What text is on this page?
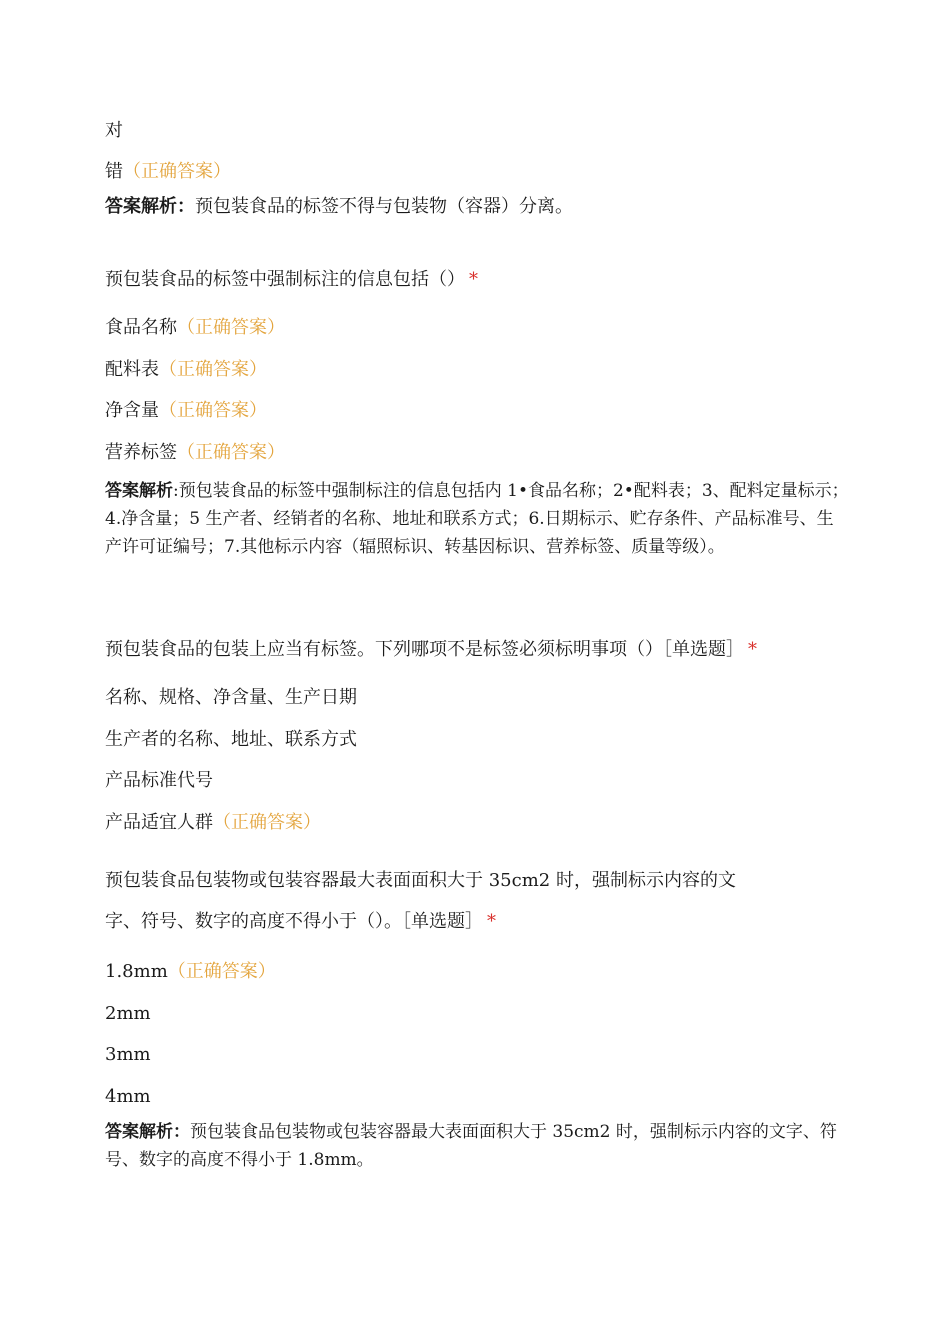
对
错（正确答案）
答案解析：预包装食品的标签不得与包装物（容器）分离。
预包装食品的标签中强制标注的信息包括（） *
食品名称（正确答案）
配料表（正确答案）
净含量（正确答案）
营养标签（正确答案）
答案解析:预包装食品的标签中强制标注的信息包括内 1•食品名称；2•配料表；3、配料定量标示；4.净含量；5 生产者、经销者的名称、地址和联系方式；6.日期标示、贮存条件、产品标准号、生产许可证编号；7.其他标示内容（辐照标识、转基因标识、营养标签、质量等级）。
预包装食品的包装上应当有标签。下列哪项不是标签必须标明事项（）［单选题］ *
名称、规格、净含量、生产日期
生产者的名称、地址、联系方式
产品标准代号
产品适宜人群（正确答案）
预包装食品包装物或包装容器最大表面面积大于 35cm2 时，强制标示内容的文
字、符号、数字的高度不得小于（）。［单选题］ *
1.8mm（正确答案）
2mm
3mm
4mm
答案解析：预包装食品包装物或包装容器最大表面面积大于 35cm2 时，强制标示内容的文字、符号、数字的高度不得小于 1.8mm。
